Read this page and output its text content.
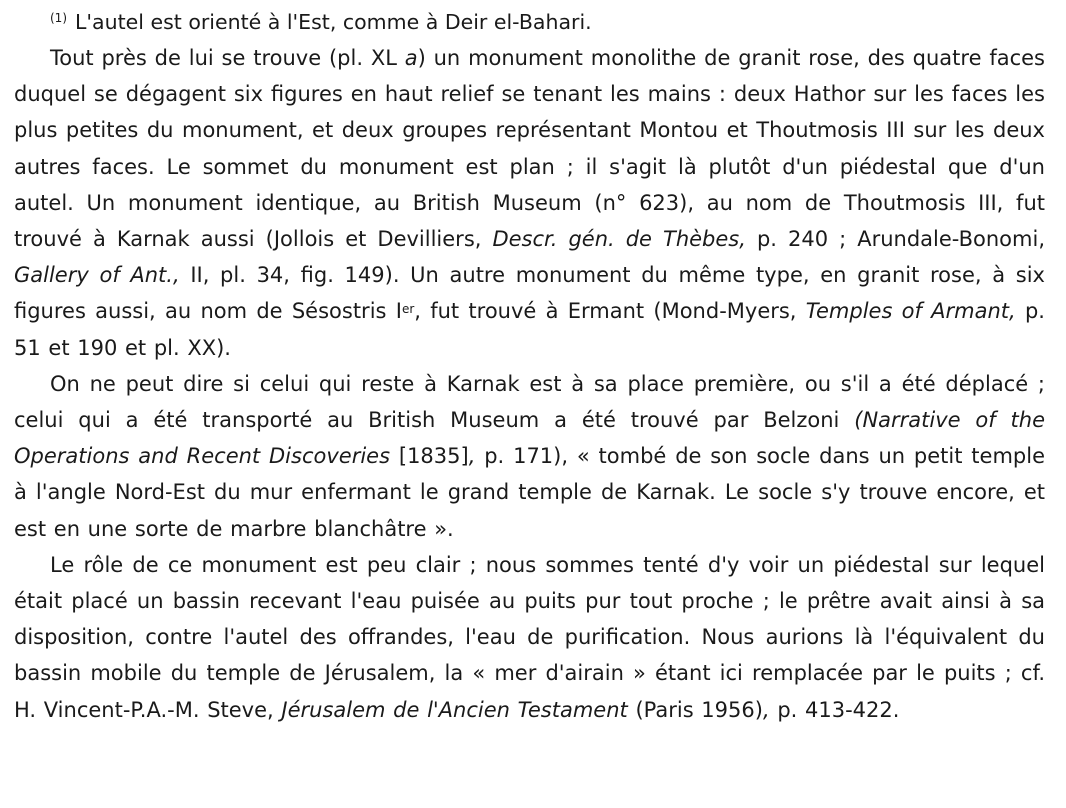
$^{(1)}$ L'autel est orienté à l'Est, comme à Deir el-Bahari.

Tout près de lui se trouve (pl. XL a) un monument monolithe de granit rose, des quatre faces duquel se dégagent six figures en haut relief se tenant les mains : deux Hathor sur les faces les plus petites du monument, et deux groupes représentant Montou et Thoutmosis III sur les deux autres faces. Le sommet du monument est plan ; il s'agit là plutôt d'un piédestal que d'un autel. Un monument identique, au British Museum (n° 623), au nom de Thoutmosis III, fut trouvé à Karnak aussi (Jollois et Devilliers, Descr. gén. de Thèbes, p. 240 ; Arundale-Bonomi, Gallery of Ant., II, pl. 34, fig. 149). Un autre monument du même type, en granit rose, à six figures aussi, au nom de Sésostris Ier, fut trouvé à Ermant (Mond-Myers, Temples of Armant, p. 51 et 190 et pl. XX).

On ne peut dire si celui qui reste à Karnak est à sa place première, ou s'il a été déplacé ; celui qui a été transporté au British Museum a été trouvé par Belzoni (Narrative of the Operations and Recent Discoveries [1835], p. 171), « tombé de son socle dans un petit temple à l'angle Nord-Est du mur enfermant le grand temple de Karnak. Le socle s'y trouve encore, et est en une sorte de marbre blanchâtre ».

Le rôle de ce monument est peu clair ; nous sommes tenté d'y voir un piédestal sur lequel était placé un bassin recevant l'eau puisée au puits pur tout proche ; le prêtre avait ainsi à sa disposition, contre l'autel des offrandes, l'eau de purification. Nous aurions là l'équivalent du bassin mobile du temple de Jérusalem, la « mer d'airain » étant ici remplacée par le puits ; cf. H. Vincent-P.A.-M. Steve, Jérusalem de l'Ancien Testament (Paris 1956), p. 413-422.
